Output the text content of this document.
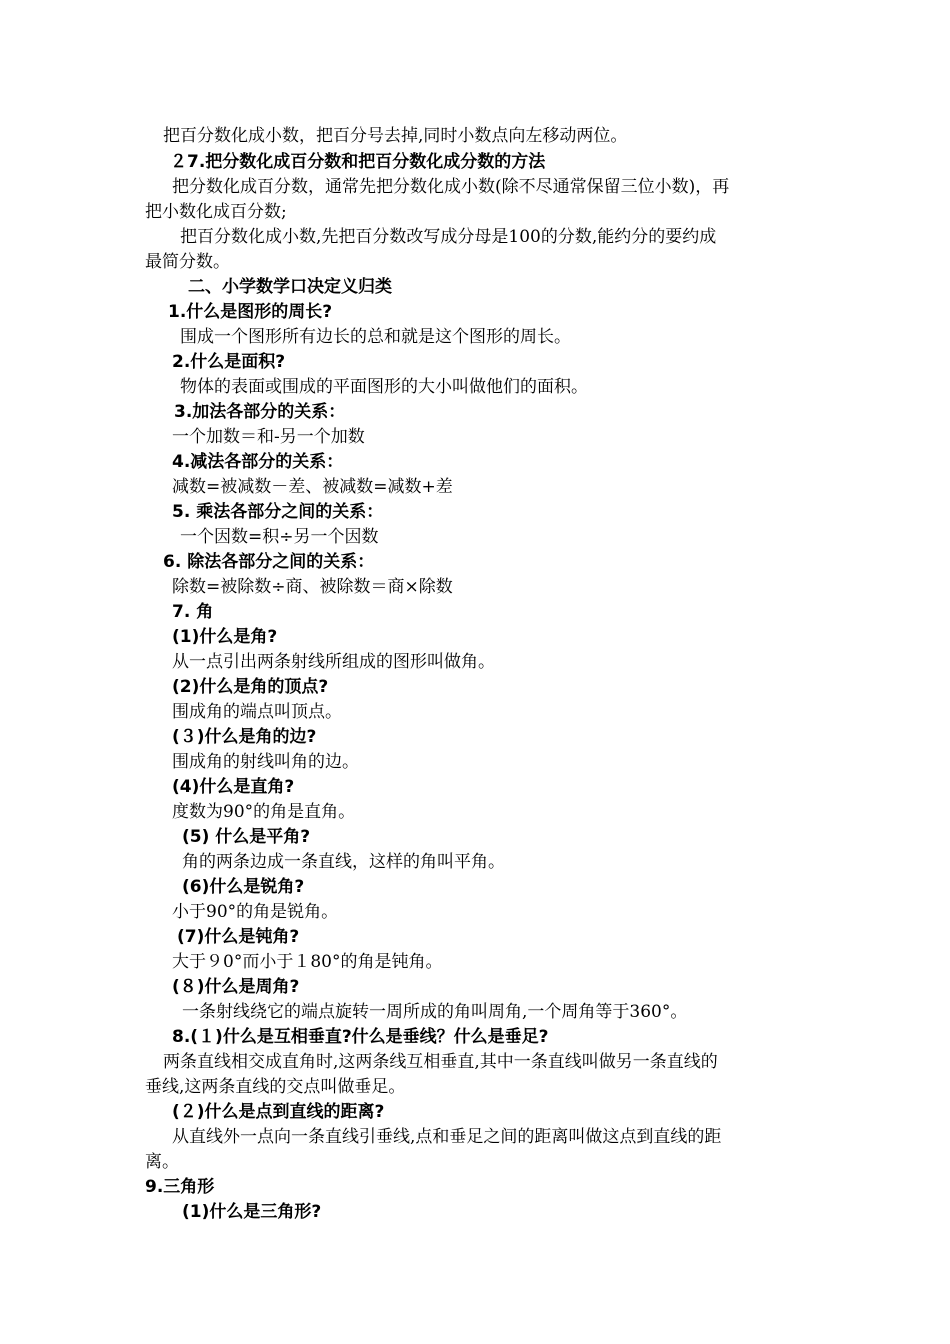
把百分数化成小数，把百分号去掉,同时小数点向左移动两位。
２7.把分数化成百分数和把百分数化成分数的方法
把分数化成百分数，通常先把分数化成小数(除不尽通常保留三位小数)，再
把小数化成百分数;
把百分数化成小数,先把百分数改写成分母是100的分数,能约分的要约成
最简分数。
二、小学数学口决定义归类
1.什么是图形的周长?
围成一个图形所有边长的总和就是这个图形的周长。
2.什么是面积?
物体的表面或围成的平面图形的大小叫做他们的面积。
3.加法各部分的关系：
一个加数＝和-另一个加数
4.减法各部分的关系：
减数=被减数－差、被减数=减数+差
5. 乘法各部分之间的关系：
一个因数=积÷另一个因数
6. 除法各部分之间的关系：
除数=被除数÷商、被除数＝商×除数
7. 角
(1)什么是角?
从一点引出两条射线所组成的图形叫做角。
(2)什么是角的顶点?
围成角的端点叫顶点。
(３)什么是角的边?
围成角的射线叫角的边。
(4)什么是直角?
度数为90°的角是直角。
(5) 什么是平角?
角的两条边成一条直线，这样的角叫平角。
(6)什么是锐角?
小于90°的角是锐角。
(7)什么是钝角?
大于９0°而小于１80°的角是钝角。
(８)什么是周角?
一条射线绕它的端点旋转一周所成的角叫周角,一个周角等于360°。
8.(１)什么是互相垂直?什么是垂线？什么是垂足?
两条直线相交成直角时,这两条线互相垂直,其中一条直线叫做另一条直线的
垂线,这两条直线的交点叫做垂足。
(２)什么是点到直线的距离?
从直线外一点向一条直线引垂线,点和垂足之间的距离叫做这点到直线的距
离。
9.三角形
(1)什么是三角形?
